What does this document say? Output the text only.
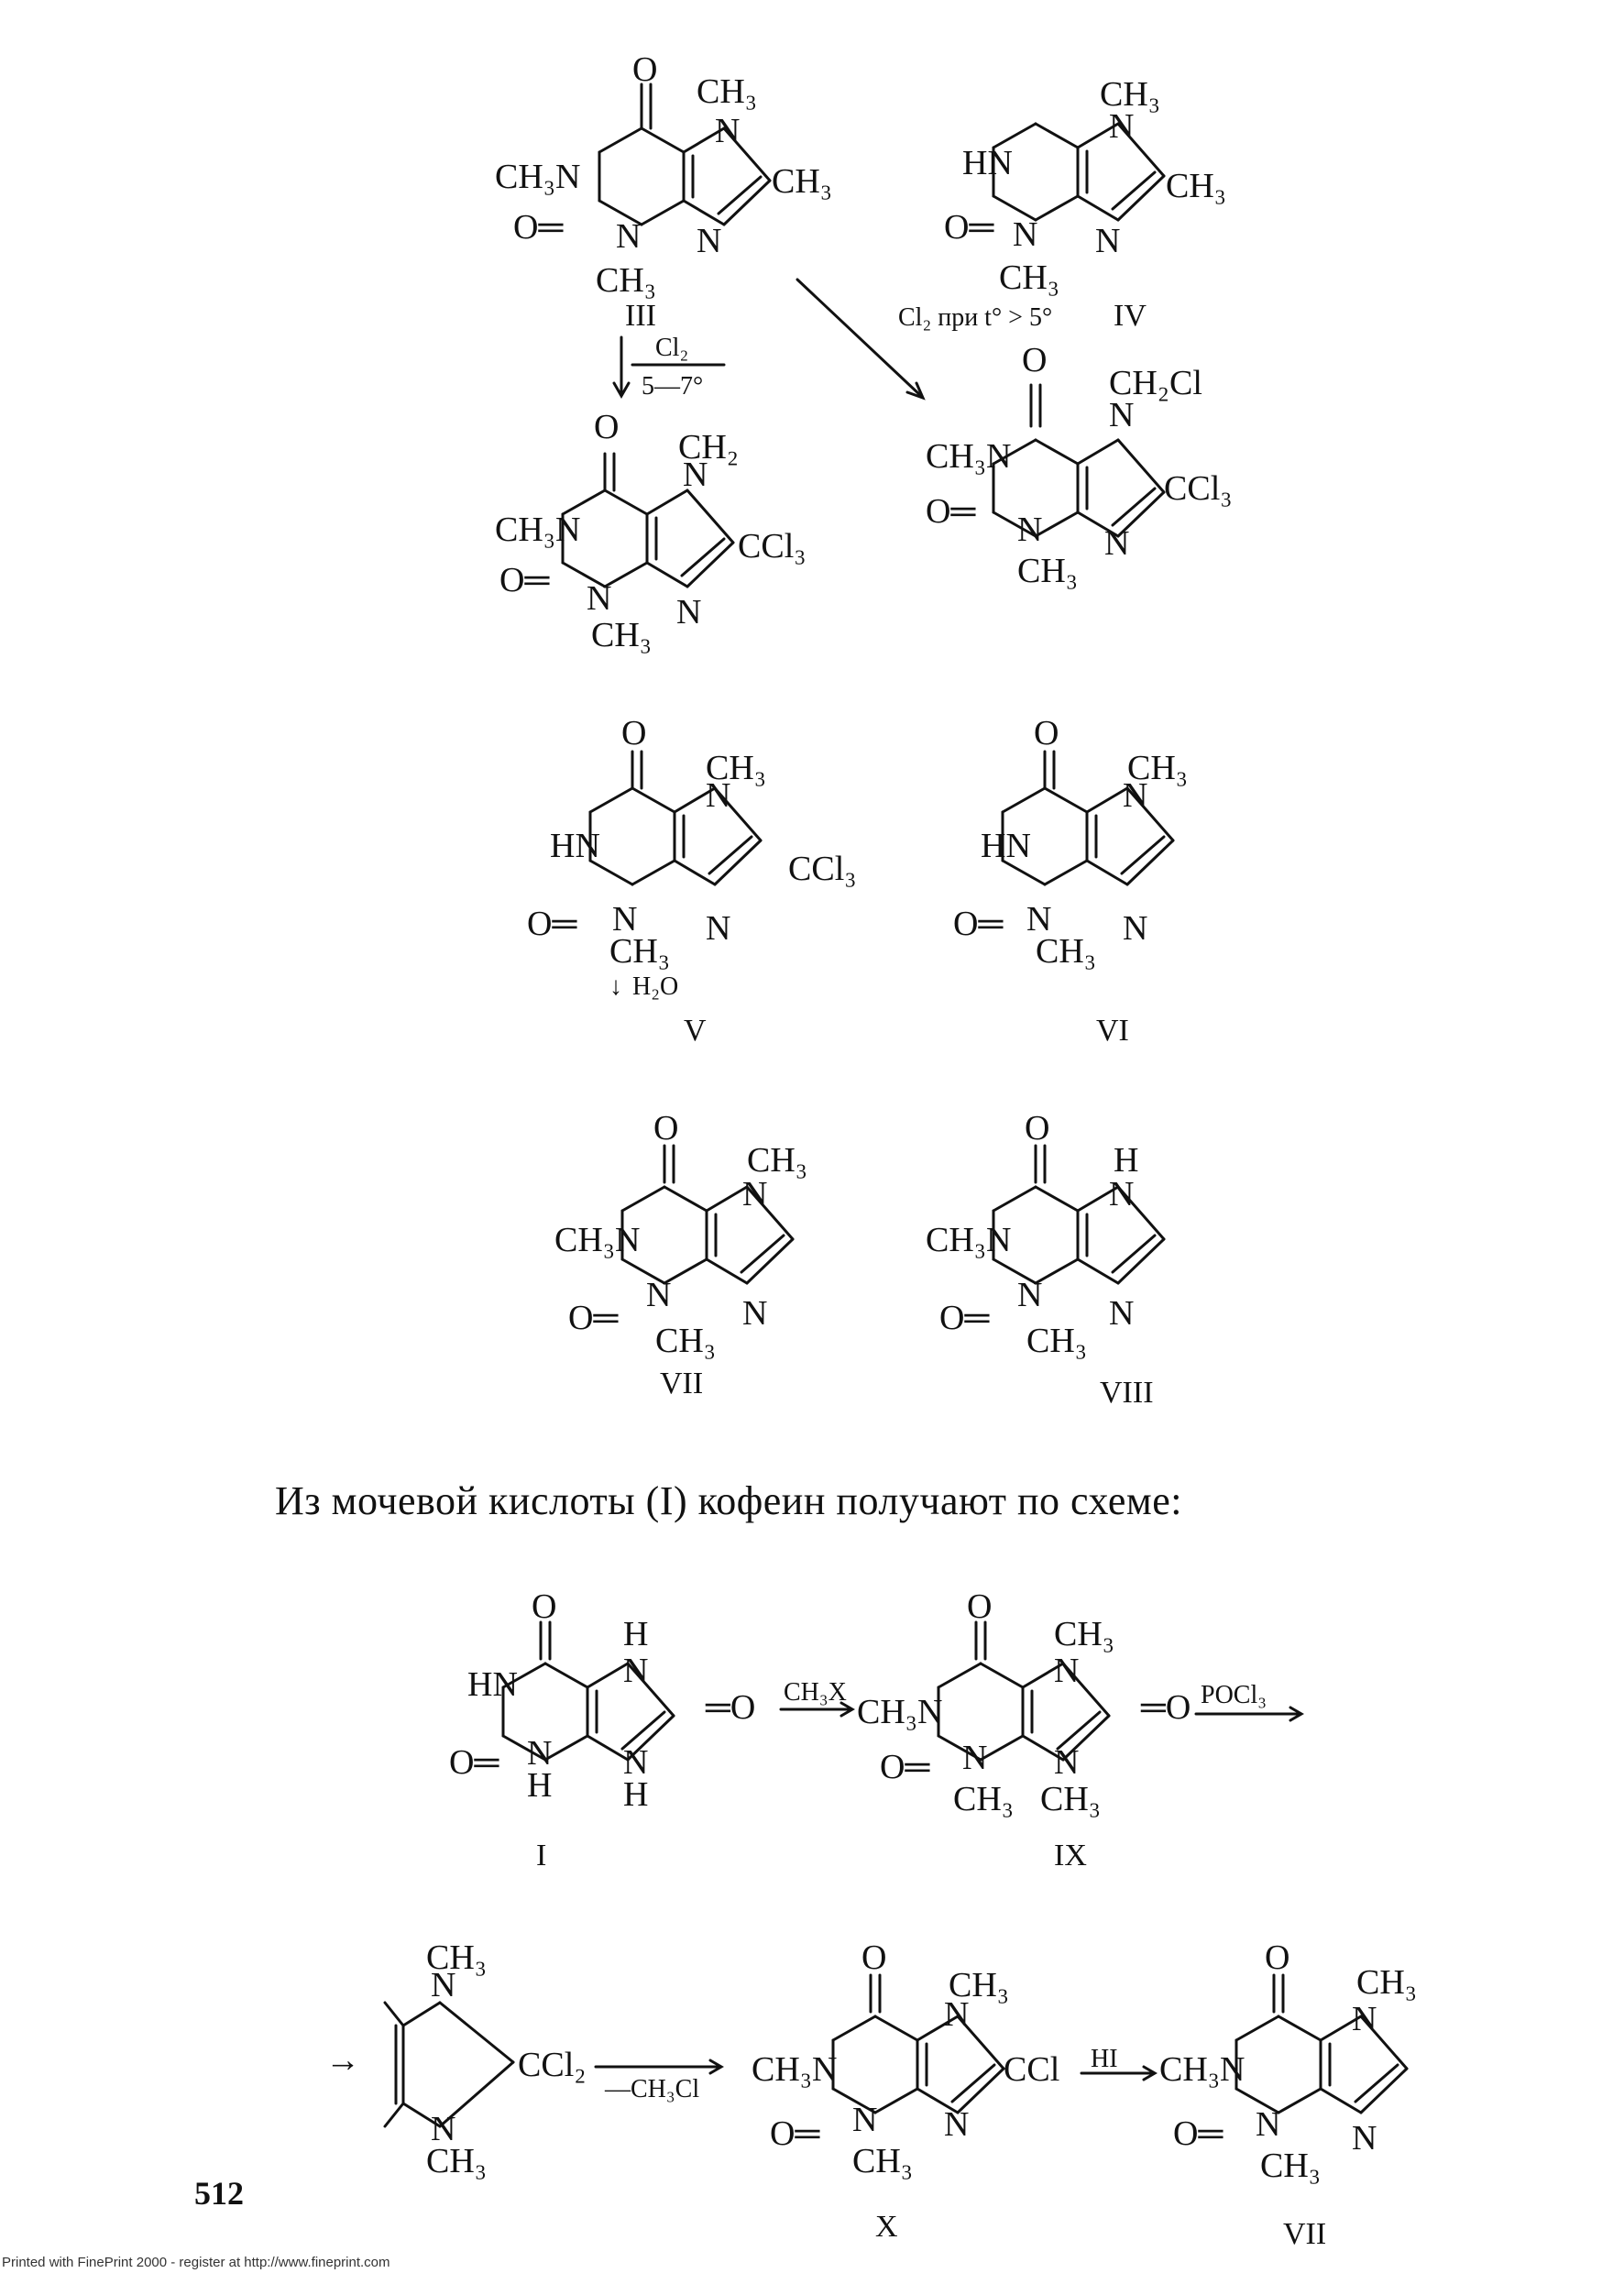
O
CH₃N
O═ N
CH₃
N
CH₃
CH₃
N
III
Cl₂
5—7°
HN
O═ N
CH₃
N
CH₃
CH₃
N
Cl₂ при t° > 5° IV
O
CH₃N
O═ N
CH₃
N
CH₂
CCl₃
N
O
CH₃N
O═ N
CH₃
N
CH₂Cl
CCl₃
N
O
HN
O═ N
CH₃
N
CH₃
CCl₃
N
↓ H₂O
V
O
HN
O═ N
CH₃
N
CH₃
N
VI
O
CH₃N
O═
N
CH₃
N
CH₃
N
VII
O
CH₃N
O═
N
CH₃
N
H
N
VIII
O
HN
O═ N
H
N
H
═O
N
H
I
CH₃X
O
CH₃N
O═ N
CH₃
N
CH₃
═O
N
CH₃
IX
POCl₃
→
N
CH₃
CCl₂
N
CH₃
—CH₃Cl
O
CH₃N
O═ N
CH₃
N
CH₃
CCl
N
X
HI
O
CH₃N
O═ N
CH₃
N
CH₃
N
VII
Из мочевой кислоты (I) кофеин получают по схеме:
512
Printed with FinePrint 2000 - register at http://www.fineprint.com
